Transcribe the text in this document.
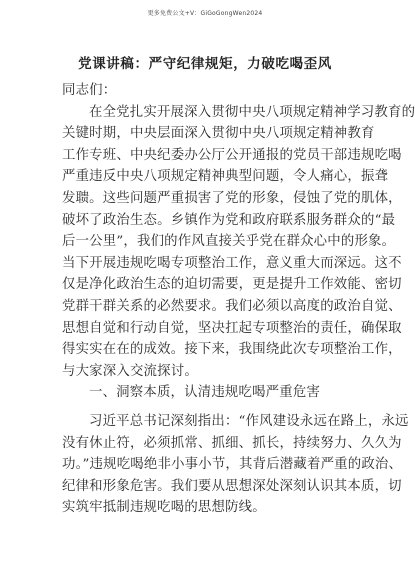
更多免费公文+V：GiGoGongWen2024
党课讲稿：严守纪律规矩，力破吃喝歪风
同志们：
在全党扎实开展深入贯彻中央八项规定精神学习教育的
关键时期，中央层面深入贯彻中央八项规定精神教育
工作专班、中央纪委办公厅公开通报的党员干部违规吃喝
严重违反中央八项规定精神典型问题，令人痛心，振聋
发聩。这些问题严重损害了党的形象，侵蚀了党的肌体，
破坏了政治生态。乡镇作为党和政府联系服务群众的“最
后一公里”，我们的作风直接关乎党在群众心中的形象。
当下开展违规吃喝专项整治工作，意义重大而深远。这不
仅是净化政治生态的迫切需要，更是提升工作效能、密切
党群干群关系的必然要求。我们必须以高度的政治自觉、
思想自觉和行动自觉，坚决扛起专项整治的责任，确保取
得实实在在的成效。接下来，我围绕此次专项整治工作，
与大家深入交流探讨。
一、洞察本质，认清违规吃喝严重危害
习近平总书记深刻指出：“作风建设永远在路上，永远
没有休止符，必须抓常、抓细、抓长，持续努力、久久为
功。”违规吃喝绝非小事小节，其背后潜藏着严重的政治、
纪律和形象危害。我们要从思想深处深刻认识其本质，切
实筑牢抵制违规吃喝的思想防线。
